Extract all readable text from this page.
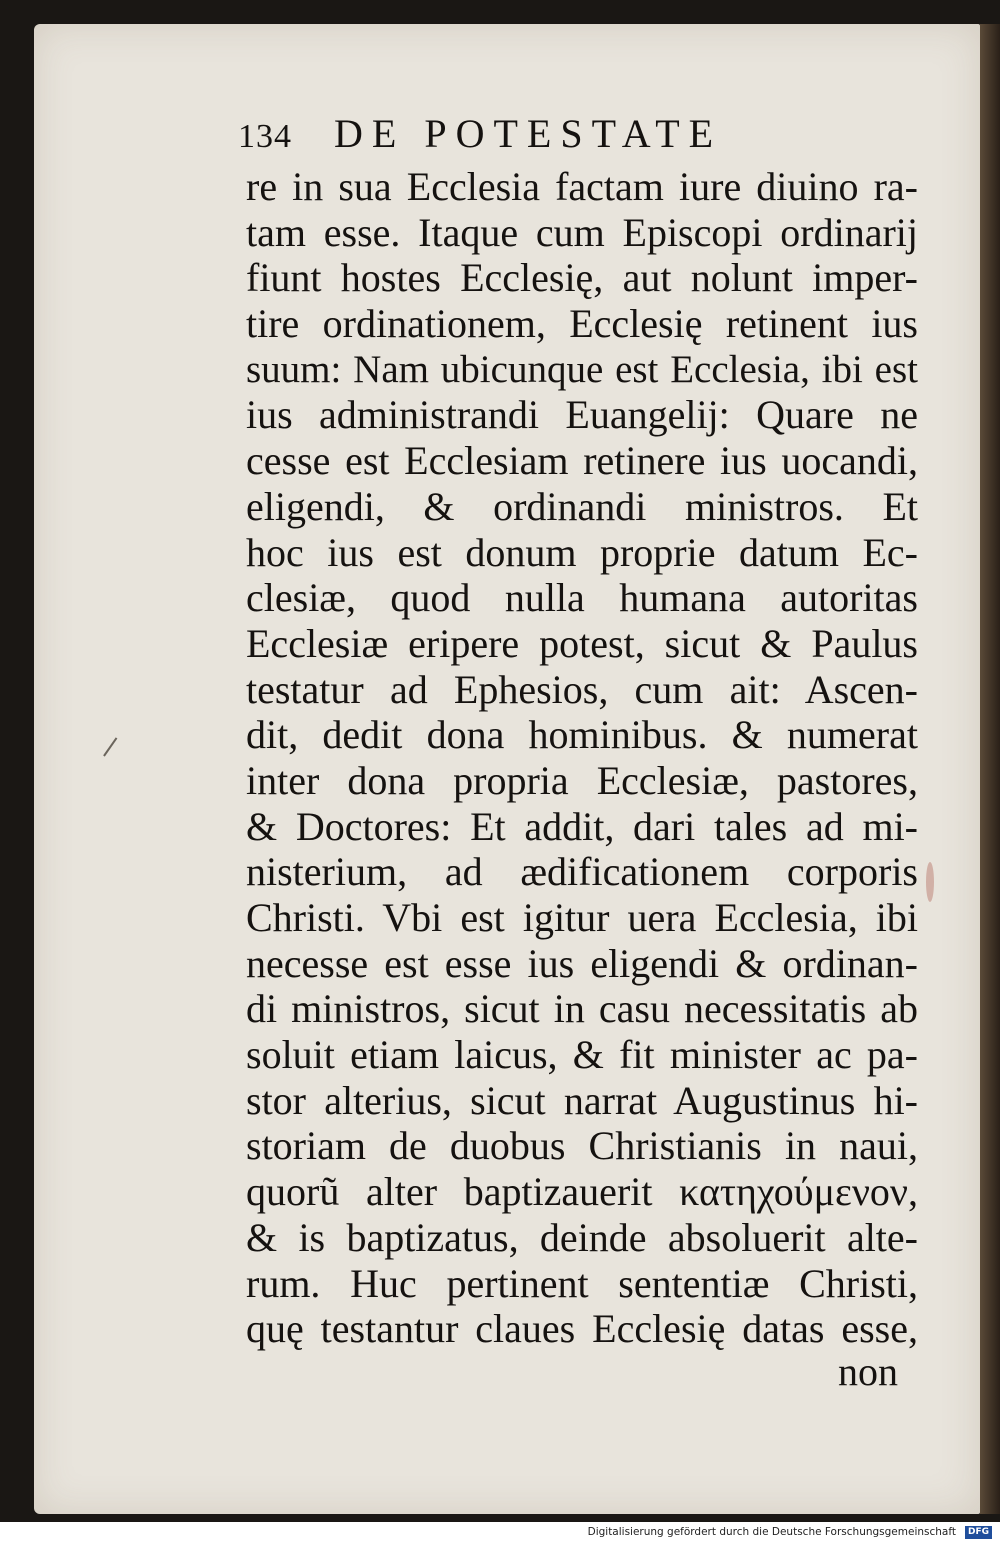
134 DE POTESTATE
re in sua Ecclesia factam iure diuino ra-
tam esse. Itaque cum Episcopi ordinarij
fiunt hostes Ecclesię, aut nolunt imper-
tire ordinationem, Ecclesię retinent ius
suum: Nam ubicunque est Ecclesia, ibi est
ius administrandi Euangelij: Quare ne
cesse est Ecclesiam retinere ius uocandi,
eligendi, & ordinandi ministros. Et
hoc ius est donum proprie datum Ec-
clesiæ, quod nulla humana autoritas
Ecclesiæ eripere potest, sicut & Paulus
testatur ad Ephesios, cum ait: Ascen-
dit, dedit dona hominibus. & numerat
inter dona propria Ecclesiæ, pastores,
& Doctores: Et addit, dari tales ad mi-
nisterium, ad ædificationem corporis
Christi. Vbi est igitur uera Ecclesia, ibi
necesse est esse ius eligendi & ordinan-
di ministros, sicut in casu necessitatis ab
soluit etiam laicus, & fit minister ac pa-
stor alterius, sicut narrat Augustinus hi-
storiam de duobus Christianis in naui,
quorũ alter baptizauerit κατηχούμενον,
& is baptizatus, deinde absoluerit alte-
rum. Huc pertinent sententiæ Christi,
quę testantur claues Ecclesię datas esse,
non
Digitalisierung gefördert durch die Deutsche Forschungsgemeinschaft	DFG
